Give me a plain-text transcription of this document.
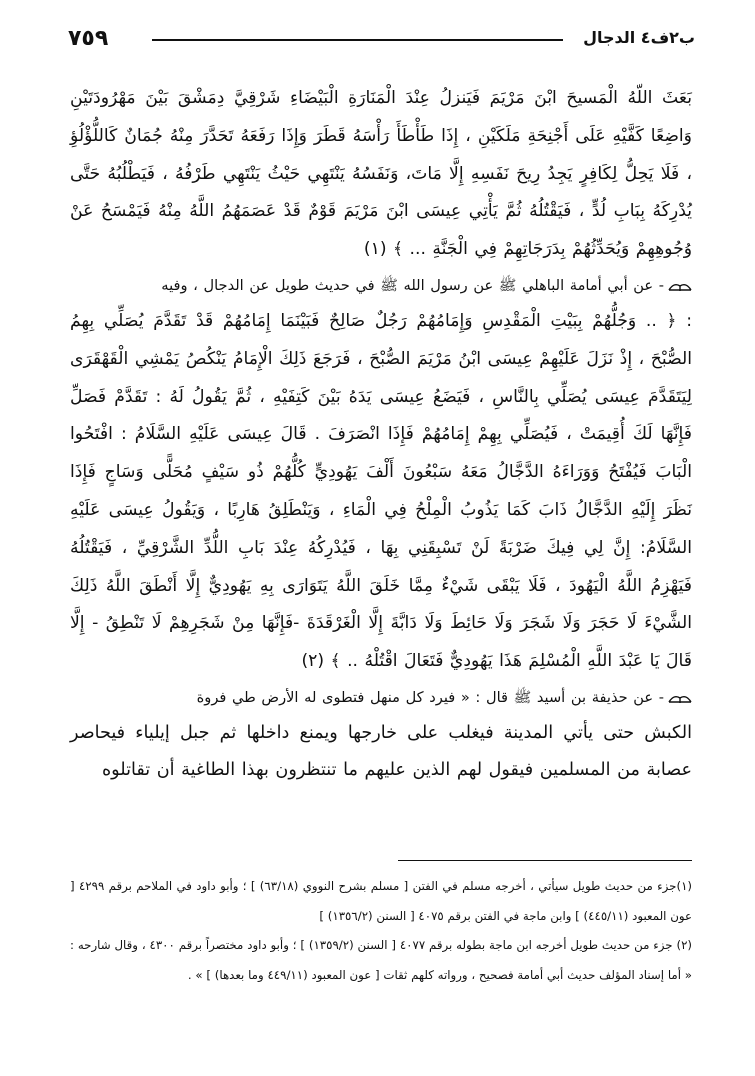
٧٥٩	ب٢ف٤ الدجال

بَعَثَ اللّهُ الْمَسيحَ ابْنَ مَرْيَمَ فَيَنزلُ عِنْدَ الْمَنَارَةِ الْبَيْضَاءِ شَرْقِيَّ دِمَشْقَ بَيْنَ مَهْرُودَتَيْنِ وَاضِعًا كَفَّيْهِ عَلَى أَجْنِحَةِ مَلَكَيْنِ ، إِذَا طَأْطَأَ رَأْسَهُ قَطَرَ وَإِذَا رَفَعَهُ تَحَدَّرَ مِنْهُ جُمَانٌ كَاللُّؤْلُؤِ ، فَلَا يَحِلُّ لِكَافِرٍ يَجِدُ رِيحَ نَفَسِهِ إِلَّا مَاتَ، وَنَفَسُهُ يَنْتَهِي حَيْثُ يَنْتَهِي طَرْفُهُ ، فَيَطْلُبُهُ حَتَّى يُدْرِكَهُ بِبَابِ لُدٍّ ، فَيَقْتُلُهُ ثُمَّ يَأْتِي عِيسَى ابْنَ مَرْيَمَ قَوْمٌ قَدْ عَصَمَهُمُ اللَّهُ مِنْهُ فَيَمْسَحُ عَنْ وُجُوهِهِمْ وَيُحَدِّثُهُمْ بِدَرَجَاتِهِمْ فِي الْجَنَّةِ ... ﴾ (١)

- عن أبي أمامة الباهلي ﷺ عن رسول الله ﷺ في حديث طويل عن الدجال ، وفيه

: ﴿ .. وَجُلُّهُمْ بِبَيْتِ الْمَقْدِسِ وَإِمَامُهُمْ رَجُلٌ صَالِحٌ فَبَيْنَمَا إِمَامُهُمْ قَدْ تَقَدَّمَ يُصَلِّي بِهِمُ الصُّبْحَ ، إِذْ نَزَلَ عَلَيْهِمْ عِيسَى ابْنُ مَرْيَمَ الصُّبْحَ ، فَرَجَعَ ذَلِكَ الْإِمَامُ يَنْكُصُ يَمْشِي الْقَهْقَرَى لِيَتَقَدَّمَ عِيسَى يُصَلِّي بِالنَّاسِ ، فَيَضَعُ عِيسَى يَدَهُ بَيْنَ كَتِفَيْهِ ، ثُمَّ يَقُولُ لَهُ : تَقَدَّمْ فَصَلِّ فَإِنَّهَا لَكَ أُقِيمَتْ ، فَيُصَلِّي بِهِمْ إِمَامُهُمْ فَإِذَا انْصَرَفَ . قَالَ عِيسَى عَلَيْهِ السَّلَامُ : افْتَحُوا الْبَابَ فَيُفْتَحُ وَوَرَاءَهُ الدَّجَّالُ مَعَهُ سَبْعُونَ أَلْفَ يَهُودِيٍّ كُلُّهُمْ ذُو سَيْفٍ مُحَلًّى وَسَاجٍ فَإِذَا نَظَرَ إِلَيْهِ الدَّجَّالُ ذَابَ كَمَا يَذُوبُ الْمِلْحُ فِي الْمَاءِ ، وَيَنْطَلِقُ هَارِبًا ، وَيَقُولُ عِيسَى عَلَيْهِ السَّلَامُ: إِنَّ لِي فِيكَ ضَرْبَةً لَنْ تَسْبِقَنِي بِهَا ، فَيُدْرِكُهُ عِنْدَ بَابِ اللُّدِّ الشَّرْقِيِّ ، فَيَقْتُلُهُ فَيَهْزِمُ اللَّهُ الْيَهُودَ ، فَلَا يَبْقَى شَيْءٌ مِمَّا خَلَقَ اللَّهُ يَتَوَارَى بِهِ يَهُودِيٌّ إِلَّا أَنْطَقَ اللَّهُ ذَلِكَ الشَّيْءَ لَا حَجَرَ وَلَا شَجَرَ وَلَا حَائِطَ وَلَا دَابَّةَ إِلَّا الْغَرْقَدَةَ -فَإِنَّهَا مِنْ شَجَرِهِمْ لَا تَنْطِقُ - إِلَّا قَالَ يَا عَبْدَ اللَّهِ الْمُسْلِمَ هَذَا يَهُودِيٌّ فَتَعَالَ اقْتُلْهُ .. ﴾ (٢)

- عن حذيفة بن أسيد ﷺ قال : « فيرد كل منهل فتطوى له الأرض طي فروة

الكبش حتى يأتي المدينة فيغلب على خارجها ويمنع داخلها ثم جبل إيلياء فيحاصر عصابة من المسلمين فيقول لهم الذين عليهم ما تنتظرون بهذا الطاغية أن تقاتلوه

(١)جزء من حديث طويل سيأتي ، أخرجه مسلم في الفتن [ مسلم بشرح النووي (٦٣/١٨) ] ؛ وأبو داود في الملاحم برقم ٤٢٩٩ [ عون المعبود (٤٤٥/١١) ] وابن ماجة في الفتن برقم ٤٠٧٥ [ السنن (١٣٥٦/٢) ]

(٢) جزء من حديث طويل أخرجه ابن ماجة بطوله برقم ٤٠٧٧ [ السنن (١٣٥٩/٢) ] ؛ وأبو داود مختصراً برقم ٤٣٠٠ ، وقال شارحه : « أما إسناد المؤلف حديث أبي أمامة فصحيح ، ورواته كلهم ثقات [ عون المعبود (٤٤٩/١١ وما بعدها) ] » .
